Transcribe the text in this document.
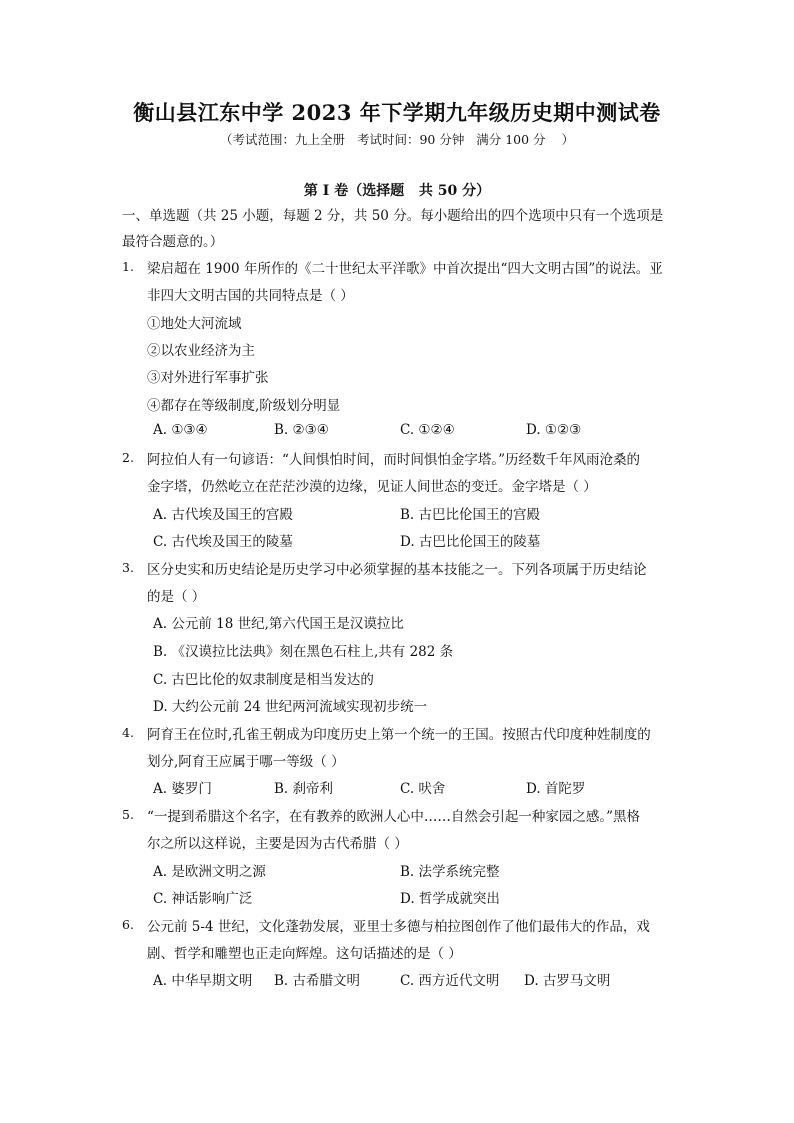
衡山县江东中学 2023 年下学期九年级历史期中测试卷
（考试范围：九上全册   考试时间：90 分钟   满分 100 分    ）
第 I 卷（选择题   共 50 分）
一、单选题（共 25 小题，每题 2 分，共 50 分。每小题给出的四个选项中只有一个选项是
最符合题意的。）
1. 梁启超在 1900 年所作的《二十世纪太平洋歌》中首次提出“四大文明古国”的说法。亚
非四大文明古国的共同特点是（ ）
①地处大河流域
②以农业经济为主
③对外进行军事扩张
④都存在等级制度,阶级划分明显
A. ①③④	B. ②③④	C. ①②④	D. ①②③
2. 阿拉伯人有一句谚语：“人间惧怕时间，而时间惧怕金字塔。”历经数千年风雨沧桑的
金字塔，仍然屹立在茫茫沙漠的边缘，见证人间世态的变迁。金字塔是（ ）
A. 古代埃及国王的宫殿	B. 古巴比伦国王的宫殿
C. 古代埃及国王的陵墓	D. 古巴比伦国王的陵墓
3. 区分史实和历史结论是历史学习中必须掌握的基本技能之一。下列各项属于历史结论
的是（ ）
A. 公元前 18 世纪,第六代国王是汉谟拉比
B. 《汉谟拉比法典》刻在黑色石柱上,共有 282 条
C. 古巴比伦的奴隶制度是相当发达的
D. 大约公元前 24 世纪两河流域实现初步统一
4. 阿育王在位时,孔雀王朝成为印度历史上第一个统一的王国。按照古代印度种姓制度的
划分,阿育王应属于哪一等级（ ）
A. 婆罗门	B. 刹帝利	C. 吠舍	D. 首陀罗
5. “一提到希腊这个名字，在有教养的欧洲人心中……自然会引起一种家园之感。”黑格
尔之所以这样说，主要是因为古代希腊（ ）
A. 是欧洲文明之源	B. 法学系统完整
C. 神话影响广泛	D. 哲学成就突出
6. 公元前 5-4 世纪，文化蓬勃发展，亚里士多德与柏拉图创作了他们最伟大的作品，戏
剧、哲学和雕塑也正走向辉煌。这句话描述的是（ ）
A. 中华早期文明 B. 古希腊文明	C. 西方近代文明 D. 古罗马文明
